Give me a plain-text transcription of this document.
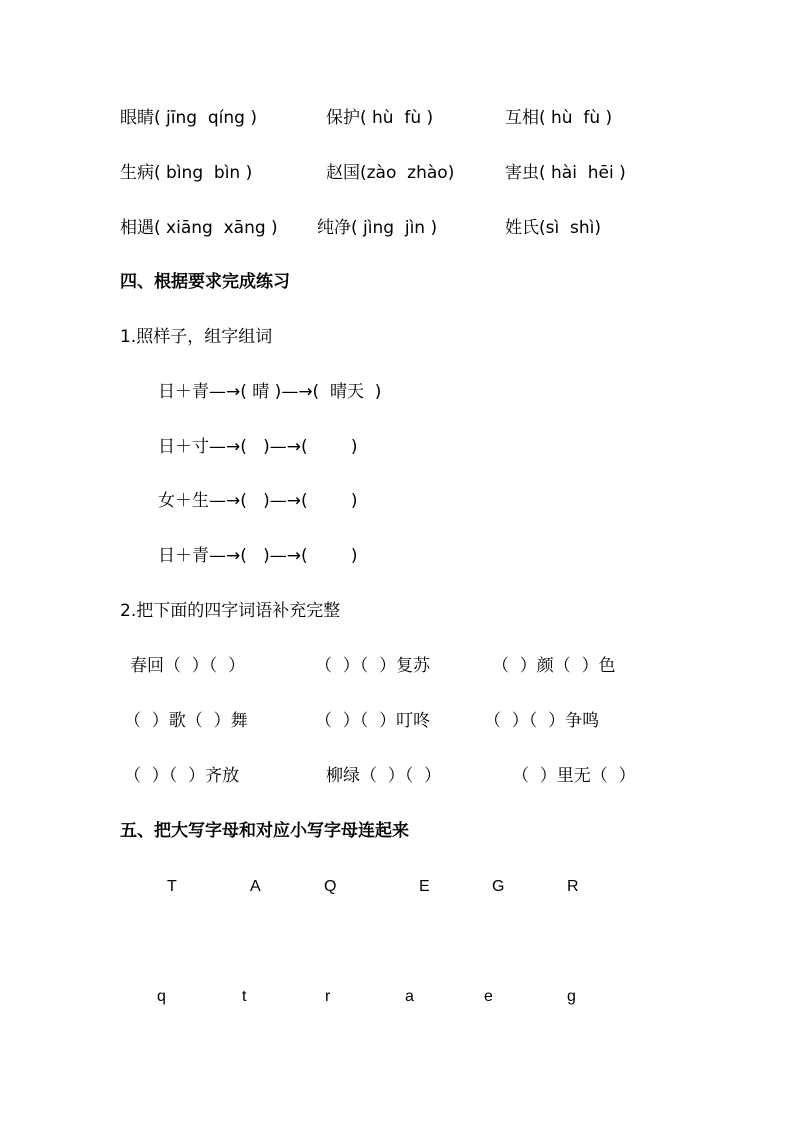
眼睛( jīng  qíng )	保护( hù  fù )	互相( hù  fù )
生病( bìng  bìn )	赵国(zào  zhào)	害虫( hài  hēi )
相遇( xiāng  xāng ) 纯净( jìng  jìn )	姓氏(sì  shì)
四、根据要求完成练习
1.照样子，组字组词
日＋青—→( 晴 )—→(  晴天  )
日＋寸—→(   )—→(        )
女＋生—→(   )—→(        )
日＋青—→(   )—→(        )
2.把下面的四字词语补充完整
春回（  ）（  ）	（  ）（  ）复苏	（  ）颜（  ）色
（  ）歌（  ）舞	（  ）（  ）叮咚	（  ）（  ）争鸣
（  ）（  ）齐放	柳绿（  ）（  ）	（  ）里无（  ）
五、把大写字母和对应小写字母连起来
T	A	Q	E	G	R
q	t	r	a	e	g
